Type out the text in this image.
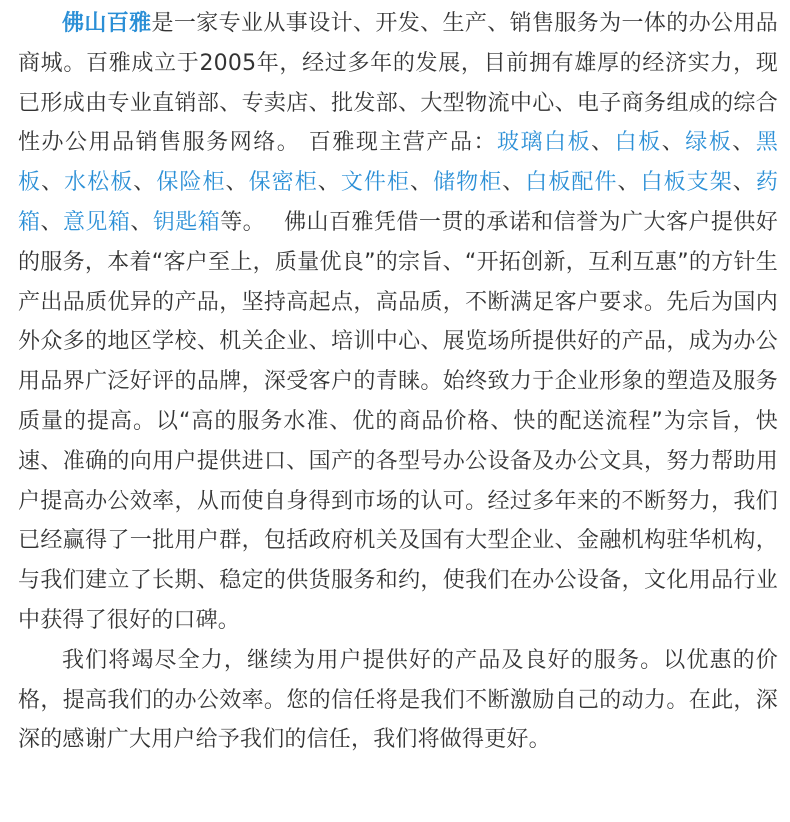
佛山百雅是一家专业从事设计、开发、生产、销售服务为一体的办公用品商城。百雅成立于2005年，经过多年的发展，目前拥有雄厚的经济实力，现已形成由专业直销部、专卖店、批发部、大型物流中心、电子商务组成的综合性办公用品销售服务网络。 百雅现主营产品：玻璃白板、白板、绿板、黑板、水松板、保险柜、保密柜、文件柜、储物柜、白板配件、白板支架、药箱、意见箱、钥匙箱等。　 佛山百雅凭借一贯的承诺和信誉为广大客户提供好的服务，本着“客户至上，质量优良”的宗旨、“开拓创新，互利互惠”的方针生产出品质优异的产品，坚持高起点，高品质，不断满足客户要求。先后为国内外众多的地区学校、机关企业、培训中心、展览场所提供好的产品，成为办公用品界广泛好评的品牌，深受客户的青睐。始终致力于企业形象的塑造及服务质量的提高。以“高的服务水准、优的商品价格、快的配送流程”为宗旨，快速、准确的向用户提供进口、国产的各型号办公设备及办公文具，努力帮助用户提高办公效率，从而使自身得到市场的认可。经过多年来的不断努力，我们已经赢得了一批用户群，包括政府机关及国有大型企业、金融机构驻华机构，与我们建立了长期、稳定的供货服务和约，使我们在办公设备，文化用品行业中获得了很好的口碑。

我们将竭尽全力，继续为用户提供好的产品及良好的服务。以优惠的价格，提高我们的办公效率。您的信任将是我们不断激励自己的动力。在此，深深的感谢广大用户给予我们的信任，我们将做得更好。
